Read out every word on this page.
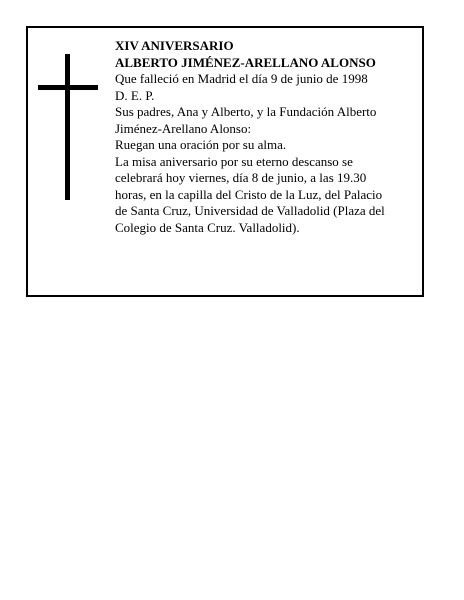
XIV ANIVERSARIO

ALBERTO JIMÉNEZ-ARELLANO ALONSO

Que falleció en Madrid el día 9 de junio de 1998

D. E. P.

Sus padres, Ana y Alberto, y la Fundación Alberto Jiménez-Arellano Alonso:

Ruegan una oración por su alma.

La misa aniversario por su eterno descanso se celebrará hoy viernes, día 8 de junio, a las 19.30 horas, en la capilla del Cristo de la Luz, del Palacio de Santa Cruz, Universidad de Valladolid (Plaza del Colegio de Santa Cruz. Valladolid).
